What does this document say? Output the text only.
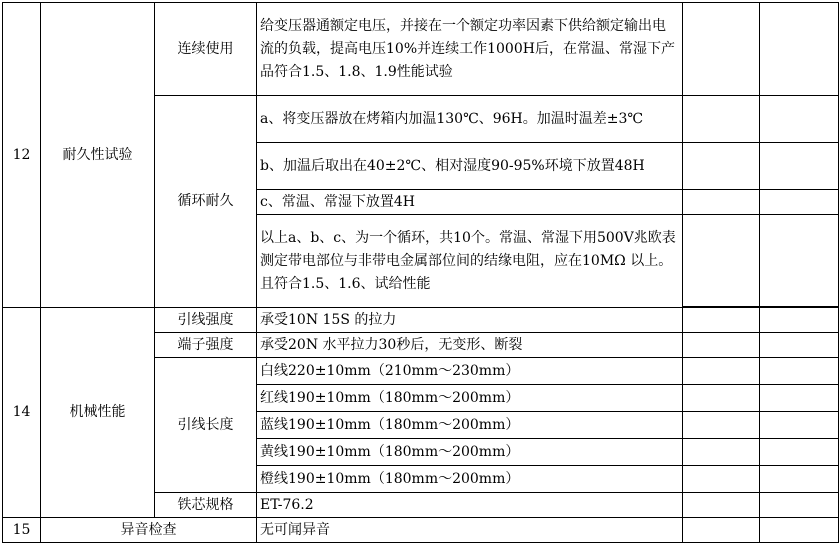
12	耐久性试验	连续使用	给变压器通额定电压，并接在一个额定功率因素下供给额定输出电流的负载，提高电压10%并连续工作1000H后，在常温、常湿下产品符合1.5、1.8、1.9性能试验		
		循环耐久	a、将变压器放在烤箱内加温130℃、96H。加温时温差±3℃		
			b、加温后取出在40±2℃、相对湿度90-95%环境下放置48H		
			c、常温、常湿下放置4H		
			以上a、b、c、为一个循环，共10个。常温、常湿下用500V兆欧表测定带电部位与非带电金属部位间的结缘电阻，应在10MΩ 以上。且符合1.5、1.6、试给性能		

14	机械性能	引线强度	承受10N 15S 的拉力		
		端子强度	承受20N 水平拉力30秒后，无变形、断裂		
		引线长度	白线220±10mm（210mm～230mm）		
			红线190±10mm（180mm～200mm）		
			蓝线190±10mm（180mm～200mm）		
			黄线190±10mm（180mm～200mm）		
			橙线190±10mm（180mm～200mm）		
		铁芯规格	ET-76.2		
15	异音检查		无可闻异音		
